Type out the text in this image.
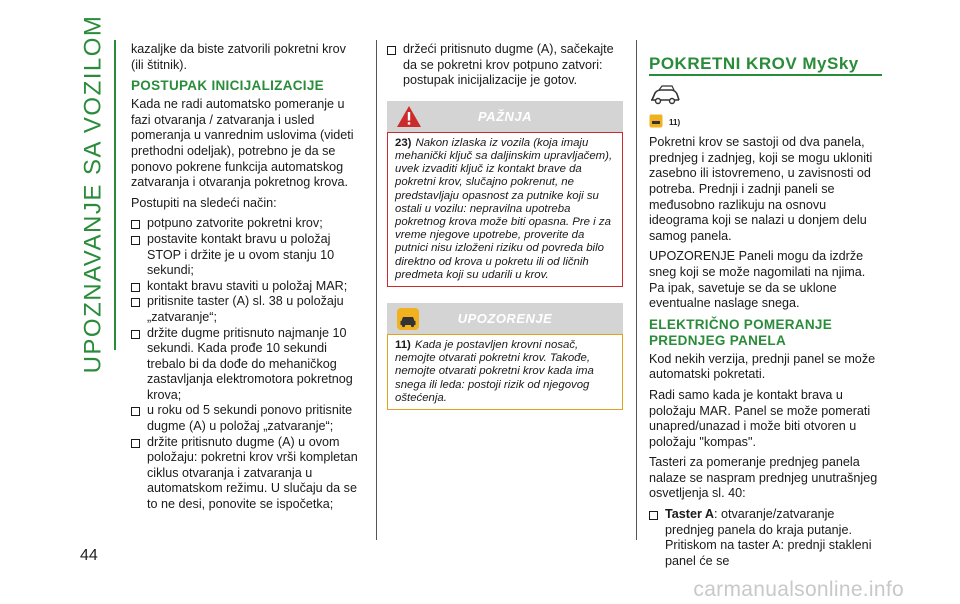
UPOZNAVANJE SA VOZILOM
44

kazaljke da biste zatvorili pokretni krov (ili štitnik).

POSTUPAK INICIJALIZACIJE

Kada ne radi automatsko pomeranje u fazi otvaranja / zatvaranja i usled pomeranja u vanrednim uslovima (videti prethodni odeljak), potrebno je da se ponovo pokrene funkcija automatskog zatvaranja i otvaranja pokretnog krova.

Postupiti na sledeći način:

potpuno zatvorite pokretni krov;
postavite kontakt bravu u položaj STOP i držite je u ovom stanju 10 sekundi;
kontakt bravu staviti u položaj MAR;
pritisnite taster (A) sl. 38 u položaju „zatvaranje“;
držite dugme pritisnuto najmanje 10 sekundi. Kada prođe 10 sekundi trebalo bi da dođe do mehaničkog zastavljanja elektromotora pokretnog krova;
u roku od 5 sekundi ponovo pritisnite dugme (A) u položaj „zatvaranje“;
držite pritisnuto dugme (A) u ovom položaju: pokretni krov vrši kompletan ciklus otvaranja i zatvaranja u automatskom režimu. U slučaju da se to ne desi, ponovite se ispočetka;
držeći pritisnuto dugme (A), sačekajte da se pokretni krov potpuno zatvori: postupak inicijalizacije je gotov.
PAŽNJA
23) Nakon izlaska iz vozila (koja imaju mehanički ključ sa daljinskim upravljačem), uvek izvaditi ključ iz kontakt brave da pokretni krov, slučajno pokrenut, ne predstavljaju opasnost za putnike koji su ostali u vozilu: nepravilna upotreba pokretnog krova može biti opasna. Pre i za vreme njegove upotrebe, proverite da putnici nisu izloženi riziku od povreda bilo direktno od krova u pokretu ili od ličnih predmeta koji su udarili u krov.
UPOZORENJE
11) Kada je postavljen krovni nosač, nemojte otvarati pokretni krov. Takođe, nemojte otvarati pokretni krov kada ima snega ili leda: postoji rizik od njegovog oštećenja.
POKRETNI KROV MySky
11)

Pokretni krov se sastoji od dva panela, prednjeg i zadnjeg, koji se mogu ukloniti zasebno ili istovremeno, u zavisnosti od potreba. Prednji i zadnji paneli se međusobno razlikuju na osnovu ideograma koji se nalazi u donjem delu samog panela.

UPOZORENJE Paneli mogu da izdrže sneg koji se može nagomilati na njima. Pa ipak, savetuje se da se uklone eventualne naslage snega.

ELEKTRIČNO POMERANJE PREDNJEG PANELA

Kod nekih verzija, prednji panel se može automatski pokretati.

Radi samo kada je kontakt brava u položaju MAR. Panel se može pomerati unapred/unazad i može biti otvoren u položaju "kompas".

Tasteri za pomeranje prednjeg panela nalaze se naspram prednjeg unutrašnjeg osvetljenja sl. 40:

Taster A: otvaranje/zatvaranje prednjeg panela do kraja putanje. Pritiskom na taster A: prednji stakleni panel će se
carmanualsonline.info
